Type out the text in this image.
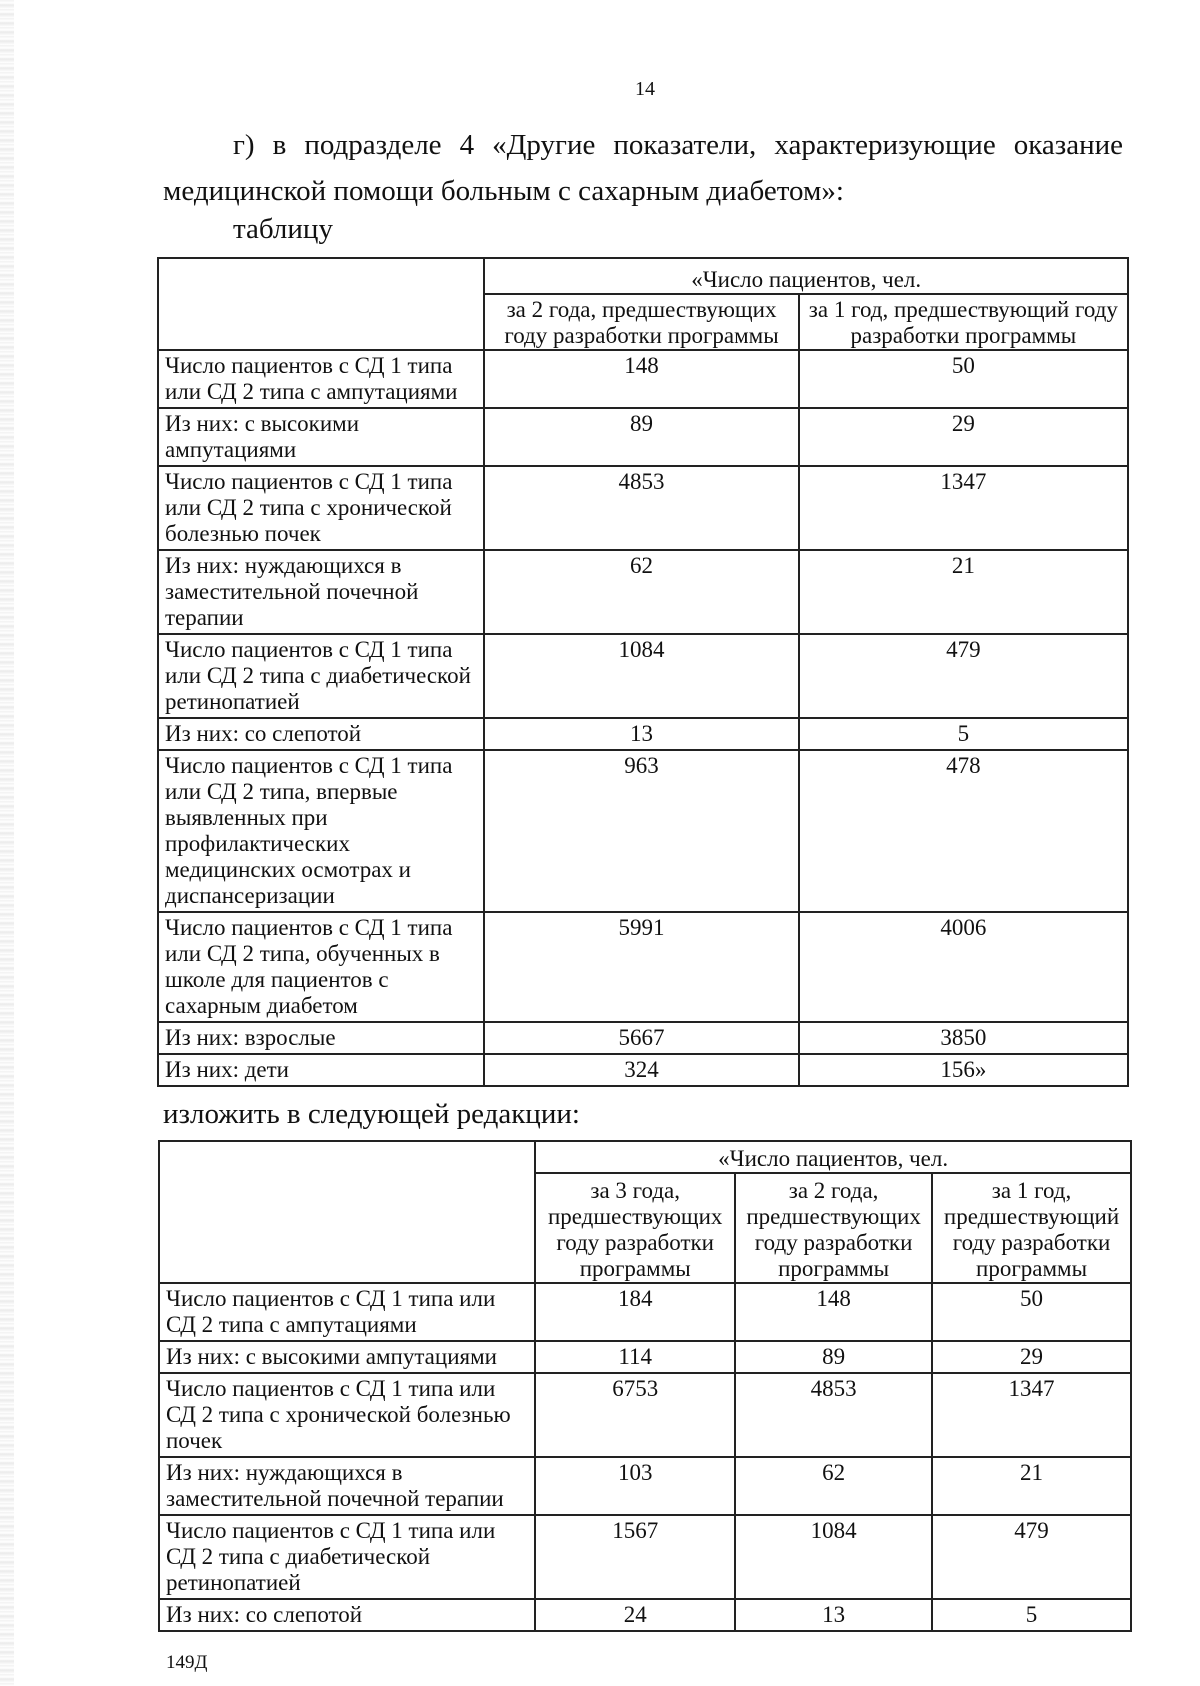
14

г) в подразделе 4 «Другие показатели, характеризующие оказание медицинской помощи больным с сахарным диабетом»:

таблицу
	«Число пациентов, чел.	
	за 2 года, предшествующих году разработки программы	за 1 год, предшествующий году разработки программы
Число пациентов с СД 1 типа или СД 2 типа с ампутациями	148	50
Из них: с высокими ампутациями	89	29
Число пациентов с СД 1 типа или СД 2 типа с хронической болезнью почек	4853	1347
Из них: нуждающихся в заместительной почечной терапии	62	21
Число пациентов с СД 1 типа или СД 2 типа с диабетической ретинопатией	1084	479
Из них: со слепотой	13	5
Число пациентов с СД 1 типа или СД 2 типа, впервые выявленных при профилактических медицинских осмотрах и диспансеризации	963	478
Число пациентов с СД 1 типа или СД 2 типа, обученных в школе для пациентов с сахарным диабетом	5991	4006
Из них: взрослые	5667	3850
Из них: дети	324	156»
изложить в следующей редакции:
	«Число пациентов, чел.		
	за 3 года, предшествующих году разработки программы	за 2 года, предшествующих году разработки программы	за 1 год, предшествующий году разработки программы
Число пациентов с СД 1 типа или СД 2 типа с ампутациями	184	148	50
Из них: с высокими ампутациями	114	89	29
Число пациентов с СД 1 типа или СД 2 типа с хронической болезнью почек	6753	4853	1347
Из них: нуждающихся в заместительной почечной терапии	103	62	21
Число пациентов с СД 1 типа или СД 2 типа с диабетической ретинопатией	1567	1084	479
Из них: со слепотой	24	13	5
149Д
